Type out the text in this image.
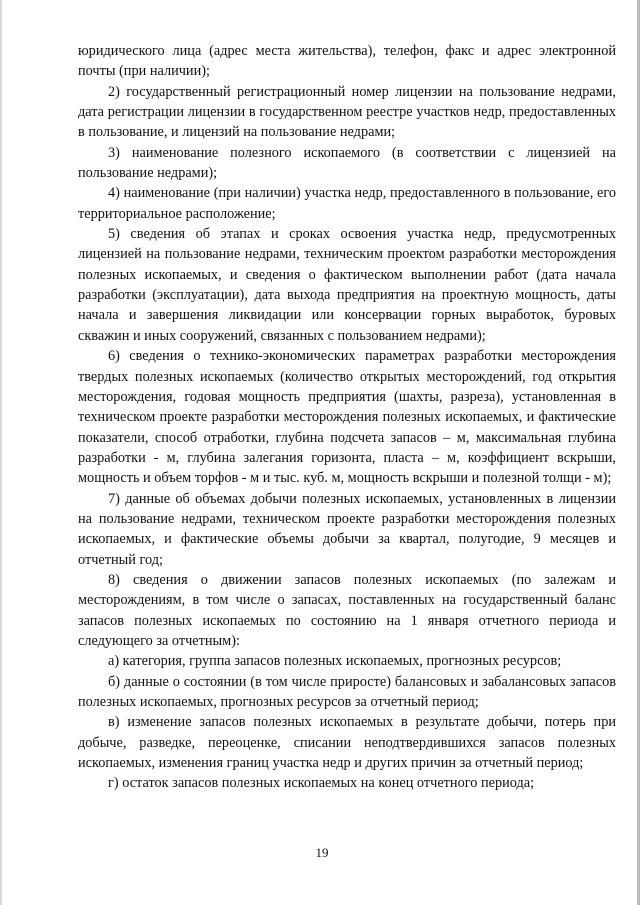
юридического лица (адрес места жительства), телефон, факс и адрес электронной почты (при наличии);

2) государственный регистрационный номер лицензии на пользование недрами, дата регистрации лицензии в государственном реестре участков недр, предоставленных в пользование, и лицензий на пользование недрами;

3) наименование полезного ископаемого (в соответствии с лицензией на пользование недрами);

4) наименование (при наличии) участка недр, предоставленного в пользование, его территориальное расположение;

5) сведения об этапах и сроках освоения участка недр, предусмотренных лицензией на пользование недрами, техническим проектом разработки месторождения полезных ископаемых, и сведения о фактическом выполнении работ (дата начала разработки (эксплуатации), дата выхода предприятия на проектную мощность, даты начала и завершения ликвидации или консервации горных выработок, буровых скважин и иных сооружений, связанных с пользованием недрами);

6) сведения о технико-экономических параметрах разработки месторождения твердых полезных ископаемых (количество открытых месторождений, год открытия месторождения, годовая мощность предприятия (шахты, разреза), установленная в техническом проекте разработки месторождения полезных ископаемых, и фактические показатели, способ отработки, глубина подсчета запасов – м, максимальная глубина разработки - м, глубина залегания горизонта, пласта – м, коэффициент вскрыши, мощность и объем торфов - м и тыс. куб. м, мощность вскрыши и полезной толщи - м);

7) данные об объемах добычи полезных ископаемых, установленных в лицензии на пользование недрами, техническом проекте разработки месторождения полезных ископаемых, и фактические объемы добычи за квартал, полугодие, 9 месяцев и отчетный год;

8) сведения о движении запасов полезных ископаемых (по залежам и месторождениям, в том числе о запасах, поставленных на государственный баланс запасов полезных ископаемых по состоянию на 1 января отчетного периода и следующего за отчетным):

а) категория, группа запасов полезных ископаемых, прогнозных ресурсов;

б) данные о состоянии (в том числе приросте) балансовых и забалансовых запасов полезных ископаемых, прогнозных ресурсов за отчетный период;

в) изменение запасов полезных ископаемых в результате добычи, потерь при добыче, разведке, переоценке, списании неподтвердившихся запасов полезных ископаемых, изменения границ участка недр и других причин за отчетный период;

г) остаток запасов полезных ископаемых на конец отчетного периода;

19
